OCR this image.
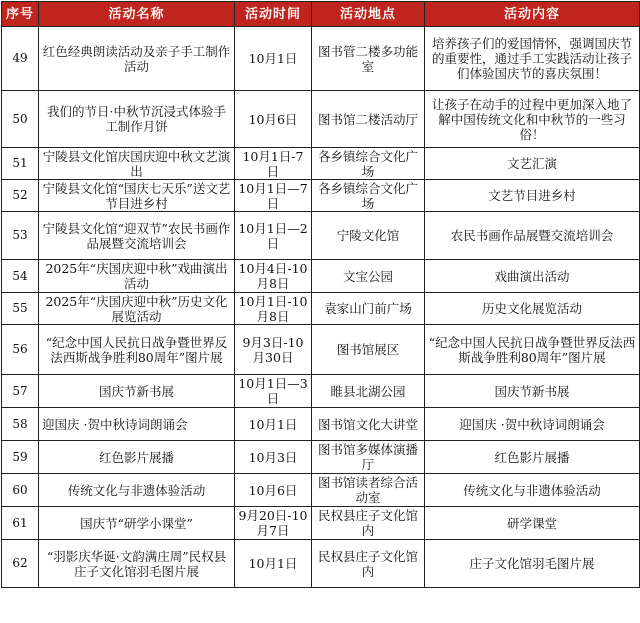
序号	活动名称	活动时间	活动地点	活动内容
49	红色经典朗读活动及亲子手工制作活动	10月1日	图书管二楼多功能室	培养孩子们的爱国情怀，强调国庆节的重要性，通过手工实践活动让孩子们体验国庆节的喜庆氛围！
50	我们的节日·中秋节沉浸式体验手工制作月饼	10月6日	图书馆二楼活动厅	让孩子在动手的过程中更加深入地了解中国传统文化和中秋节的一些习俗！
51	宁陵县文化馆庆国庆迎中秋文艺演出	10月1日-7日	各乡镇综合文化广场	文艺汇演
52	宁陵县文化馆“国庆七天乐”送文艺节目进乡村	10月1日—7日	各乡镇综合文化广场	文艺节目进乡村
53	宁陵县文化馆“迎双节”农民书画作品展暨交流培训会	10月1日—2日	宁陵文化馆	农民书画作品展暨交流培训会
54	2025年“庆国庆迎中秋”戏曲演出活动	10月4日-10月8日	文宝公园	戏曲演出活动
55	2025年“庆国庆迎中秋”历史文化展览活动	10月1日-10月8日	袁家山门前广场	历史文化展览活动
56	“纪念中国人民抗日战争暨世界反法西斯战争胜利80周年”图片展	9月3日-10月30日	图书馆展区	“纪念中国人民抗日战争暨世界反法西斯战争胜利80周年”图片展
57	国庆节新书展	10月1日—3日	睢县北湖公园	国庆节新书展
58	迎国庆 ·贺中秋诗词朗诵会	10月1日	图书馆文化大讲堂	迎国庆 ·贺中秋诗词朗诵会
59	红色影片展播	10月3日	图书馆多媒体演播厅	红色影片展播
60	传统文化与非遗体验活动	10月6日	图书馆读者综合活动室	传统文化与非遗体验活动
61	国庆节“研学小课堂”	9月20日-10月7日	民权县庄子文化馆内	研学课堂
62	“羽影庆华诞·文韵满庄周”民权县庄子文化馆羽毛图片展	10月1日	民权县庄子文化馆内	庄子文化馆羽毛图片展
